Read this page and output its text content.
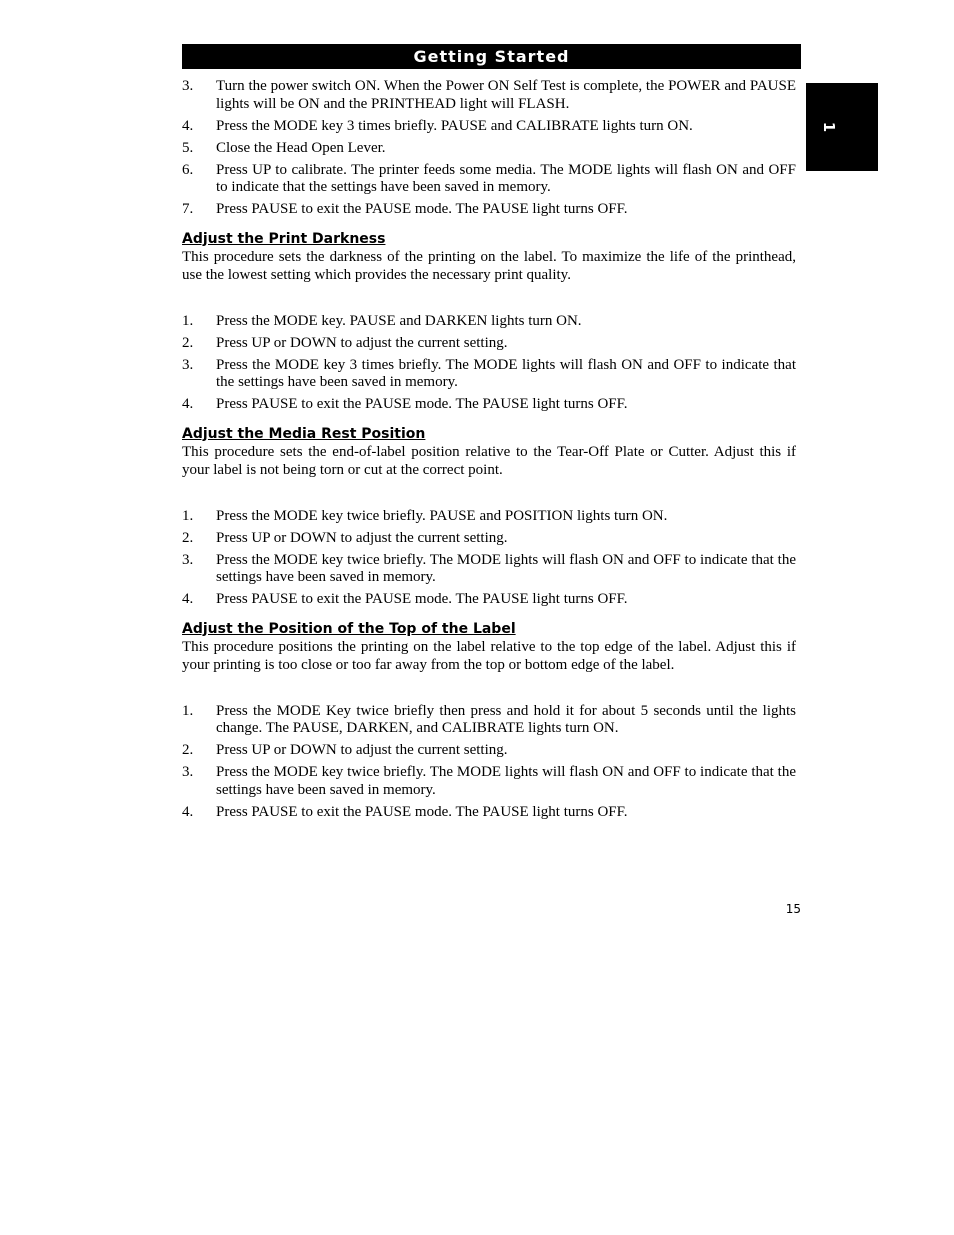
Getting Started
1
3.	Turn the power switch ON. When the Power ON Self Test is complete, the POWER and PAUSE lights will be ON and the PRINTHEAD light will FLASH.
4.	Press the MODE key 3 times briefly. PAUSE and CALIBRATE lights turn ON.
5.	Close the Head Open Lever.
6.	Press UP to calibrate. The printer feeds some media. The MODE lights will flash ON and OFF to indicate that the settings have been saved in memory.
7.	Press PAUSE to exit the PAUSE mode. The PAUSE light turns OFF.
Adjust the Print Darkness
This procedure sets the darkness of the printing on the label. To maximize the life of the printhead, use the lowest setting which provides the necessary print quality.
1.	Press the MODE key. PAUSE and DARKEN lights turn ON.
2.	Press UP or DOWN to adjust the current setting.
3.	Press the MODE key 3 times briefly. The MODE lights will flash ON and OFF to indicate that the settings have been saved in memory.
4.	Press PAUSE to exit the PAUSE mode. The PAUSE light turns OFF.
Adjust the Media Rest Position
This procedure sets the end-of-label position relative to the Tear-Off Plate or Cutter. Adjust this if your label is not being torn or cut at the correct point.
1.	Press the MODE key twice briefly. PAUSE and POSITION lights turn ON.
2.	Press UP or DOWN to adjust the current setting.
3.	Press the MODE key twice briefly. The MODE lights will flash ON and OFF to indicate that the settings have been saved in memory.
4.	Press PAUSE to exit the PAUSE mode. The PAUSE light turns OFF.
Adjust the Position of the Top of the Label
This procedure positions the printing on the label relative to the top edge of the label. Adjust this if your printing is too close or too far away from the top or bottom edge of the label.
1.	Press the MODE Key twice briefly then press and hold it for about 5 seconds until the lights change. The PAUSE, DARKEN, and CALIBRATE lights turn ON.
2.	Press UP or DOWN to adjust the current setting.
3.	Press the MODE key twice briefly. The MODE lights will flash ON and OFF to indicate that the settings have been saved in memory.
4.	Press PAUSE to exit the PAUSE mode. The PAUSE light turns OFF.
15
